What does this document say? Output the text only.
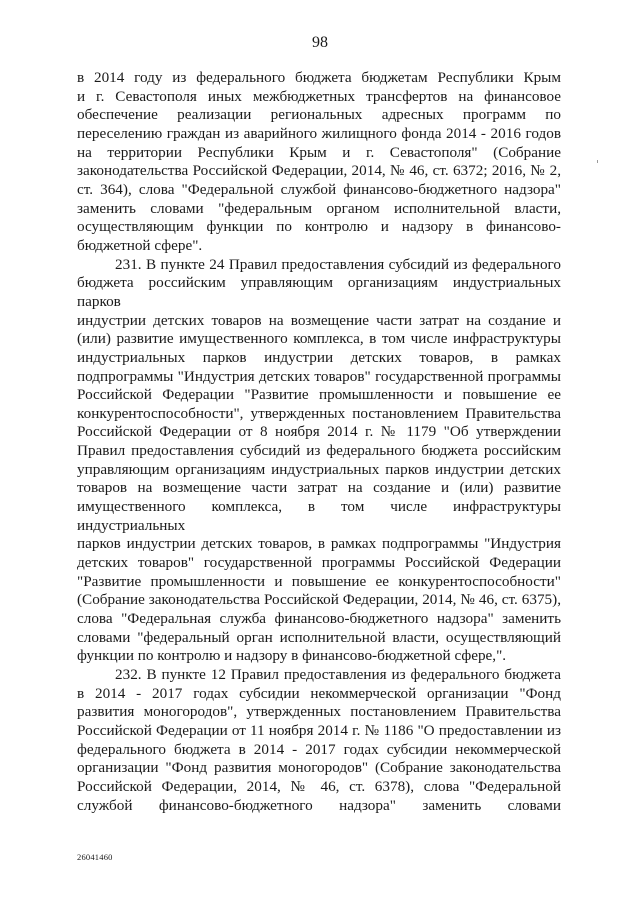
98

в 2014 году из федерального бюджета бюджетам Республики Крым

и г. Севастополя иных межбюджетных трансфертов на финансовое

обеспечение реализации региональных адресных программ по

переселению граждан из аварийного жилищного фонда 2014 - 2016 годов

на территории Республики Крым и г. Севастополя" (Собрание

законодательства Российской Федерации, 2014, № 46, ст. 6372; 2016, № 2,

ст. 364), слова "Федеральной службой финансово-бюджетного надзора"

заменить словами "федеральным органом исполнительной власти,

осуществляющим функции по контролю и надзору в финансово-

бюджетной сфере".

231. В пункте 24 Правил предоставления субсидий из федерального

бюджета российским управляющим организациям индустриальных парков

индустрии детских товаров на возмещение части затрат на создание и

(или) развитие имущественного комплекса, в том числе инфраструктуры

индустриальных парков индустрии детских товаров, в рамках

подпрограммы "Индустрия детских товаров" государственной программы

Российской Федерации "Развитие промышленности и повышение ее

конкурентоспособности", утвержденных постановлением Правительства

Российской Федерации от 8 ноября 2014 г. № 1179 "Об утверждении

Правил предоставления субсидий из федерального бюджета российским

управляющим организациям индустриальных парков индустрии детских

товаров на возмещение части затрат на создание и (или) развитие

имущественного комплекса, в том числе инфраструктуры индустриальных

парков индустрии детских товаров, в рамках подпрограммы "Индустрия

детских товаров" государственной программы Российской Федерации

"Развитие промышленности и повышение ее конкурентоспособности"

(Собрание законодательства Российской Федерации, 2014, № 46, ст. 6375),

слова "Федеральная служба финансово-бюджетного надзора" заменить

словами "федеральный орган исполнительной власти, осуществляющий

функции по контролю и надзору в финансово-бюджетной сфере,".

232. В пункте 12 Правил предоставления из федерального бюджета

в 2014 - 2017 годах субсидии некоммерческой организации "Фонд

развития моногородов", утвержденных постановлением Правительства

Российской Федерации от 11 ноября 2014 г. № 1186 "О предоставлении из

федерального бюджета в 2014 - 2017 годах субсидии некоммерческой

организации "Фонд развития моногородов" (Собрание законодательства

Российской Федерации, 2014, № 46, ст. 6378), слова "Федеральной

службой финансово-бюджетного надзора" заменить словами

26041460
